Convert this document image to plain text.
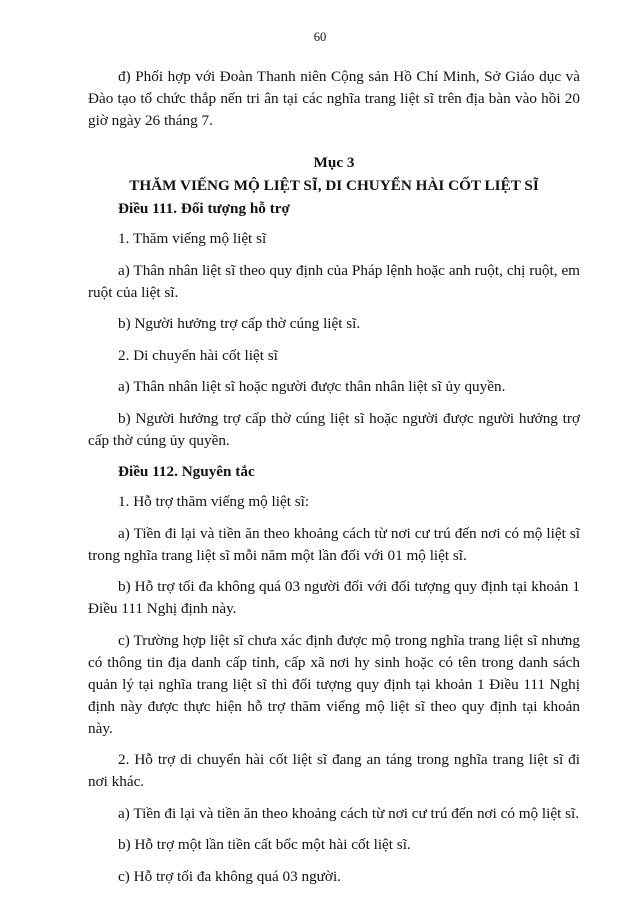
60

đ) Phối hợp với Đoàn Thanh niên Cộng sản Hồ Chí Minh, Sở Giáo dục và Đào tạo tổ chức thắp nến tri ân tại các nghĩa trang liệt sĩ trên địa bàn vào hồi 20 giờ ngày 26 tháng 7.

Mục 3
THĂM VIẾNG MỘ LIỆT SĨ, DI CHUYỂN HÀI CỐT LIỆT SĨ
Điều 111. Đối tượng hỗ trợ

1. Thăm viếng mộ liệt sĩ

a) Thân nhân liệt sĩ theo quy định của Pháp lệnh hoặc anh ruột, chị ruột, em ruột của liệt sĩ.

b) Người hưởng trợ cấp thờ cúng liệt sĩ.

2. Di chuyển hài cốt liệt sĩ

a) Thân nhân liệt sĩ hoặc người được thân nhân liệt sĩ ủy quyền.

b) Người hưởng trợ cấp thờ cúng liệt sĩ hoặc người được người hưởng trợ cấp thờ cúng ủy quyền.

Điều 112. Nguyên tắc

1. Hỗ trợ thăm viếng mộ liệt sĩ:

a) Tiền đi lại và tiền ăn theo khoảng cách từ nơi cư trú đến nơi có mộ liệt sĩ trong nghĩa trang liệt sĩ mỗi năm một lần đối với 01 mộ liệt sĩ.

b) Hỗ trợ tối đa không quá 03 người đối với đối tượng quy định tại khoản 1 Điều 111 Nghị định này.

c) Trường hợp liệt sĩ chưa xác định được mộ trong nghĩa trang liệt sĩ nhưng có thông tin địa danh cấp tỉnh, cấp xã nơi hy sinh hoặc có tên trong danh sách quản lý tại nghĩa trang liệt sĩ thì đối tượng quy định tại khoản 1 Điều 111 Nghị định này được thực hiện hỗ trợ thăm viếng mộ liệt sĩ theo quy định tại khoản này.

2. Hỗ trợ di chuyển hài cốt liệt sĩ đang an táng trong nghĩa trang liệt sĩ đi nơi khác.

a) Tiền đi lại và tiền ăn theo khoảng cách từ nơi cư trú đến nơi có mộ liệt sĩ.

b) Hỗ trợ một lần tiền cất bốc một hài cốt liệt sĩ.

c) Hỗ trợ tối đa không quá 03 người.
